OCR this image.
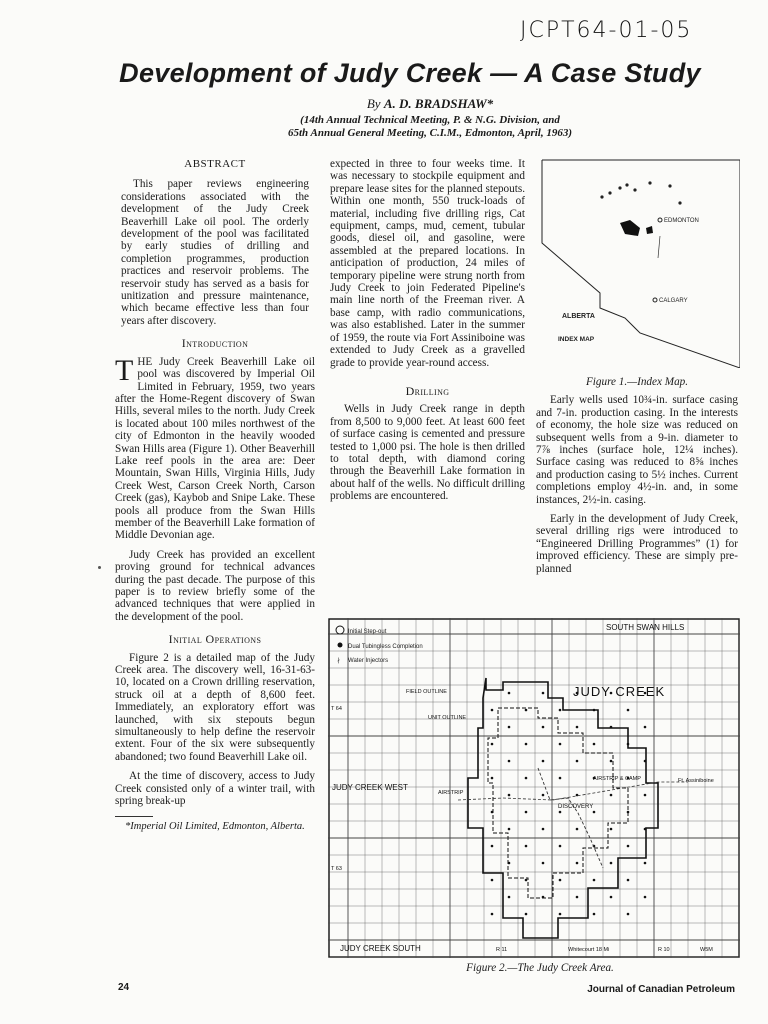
JCPT64-01-05
Development of Judy Creek — A Case Study
By A. D. BRADSHAW*
(14th Annual Technical Meeting, P. & N.G. Division, and
65th Annual General Meeting, C.I.M., Edmonton, April, 1963)
ABSTRACT

This paper reviews engineering considerations associated with the development of the Judy Creek Beaverhill Lake oil pool. The orderly development of the pool was facilitated by early studies of drilling and completion programmes, production practices and reservoir problems. The reservoir study has served as a basis for unitization and pressure maintenance, which became effective less than four years after discovery.

Introduction

THE Judy Creek Beaverhill Lake oil pool was discovered by Imperial Oil Limited in February, 1959, two years after the Home-Regent discovery of Swan Hills, several miles to the north. Judy Creek is located about 100 miles northwest of the city of Edmonton in the heavily wooded Swan Hills area (Figure 1). Other Beaverhill Lake reef pools in the area are: Deer Mountain, Swan Hills, Virginia Hills, Judy Creek West, Carson Creek North, Carson Creek (gas), Kaybob and Snipe Lake. These pools all produce from the Swan Hills member of the Beaverhill Lake formation of Middle Devonian age.

Judy Creek has provided an excellent proving ground for technical advances during the past decade. The purpose of this paper is to review briefly some of the advanced techniques that were applied in the development of the pool.

Initial Operations

Figure 2 is a detailed map of the Judy Creek area. The discovery well, 16-31-63-10, located on a Crown drilling reservation, struck oil at a depth of 8,600 feet. Immediately, an exploratory effort was launched, with six stepouts begun simultaneously to help define the reservoir extent. Four of the six were subsequently abandoned; two found Beaverhill Lake oil.

At the time of discovery, access to Judy Creek consisted only of a winter trail, with spring break-up

*Imperial Oil Limited, Edmonton, Alberta.

expected in three to four weeks time. It was necessary to stockpile equipment and prepare lease sites for the planned stepouts. Within one month, 550 truck-loads of material, including five drilling rigs, Cat equipment, camps, mud, cement, tubular goods, diesel oil, and gasoline, were assembled at the prepared locations. In anticipation of production, 24 miles of temporary pipeline were strung north from Judy Creek to join Federated Pipeline's main line north of the Freeman river. A base camp, with radio communications, was also established. Later in the summer of 1959, the route via Fort Assiniboine was extended to Judy Creek as a gravelled grade to provide year-round access.

Drilling

Wells in Judy Creek range in depth from 8,500 to 9,000 feet. At least 600 feet of surface casing is cemented and pressure tested to 1,000 psi. The hole is then drilled to total depth, with diamond coring through the Beaverhill Lake formation in about half of the wells. No difficult drilling problems are encountered.

EDMONTON
CALGARY
ALBERTA
INDEX MAP

Figure 1.—Index Map.

Early wells used 10¾-in. surface casing and 7-in. production casing. In the interests of economy, the hole size was reduced on subsequent wells from a 9-in. diameter to 7⅞ inches (surface hole, 12¼ inches). Surface casing was reduced to 8⅝ inches and production casing to 5½ inches. Current completions employ 4½-in. and, in some instances, 2½-in. casing.

Early in the development of Judy Creek, several drilling rigs were introduced to “Engineered Drilling Programmes” (1) for improved efficiency. These are simply pre-planned

Initial Step-out
Dual Tubingless Completion
∤ Water Injectors
SOUTH SWAN HILLS
JUDY CREEK
FIELD OUTLINE
UNIT OUTLINE
JUDY CREEK WEST
AIRSTRIP
AIRSTRIP & CAMP
DISCOVERY
Ft. Assiniboine
JUDY CREEK SOUTH	Whitecourt 18 Mi
T 64
T 63
R 11	R 10	W5M
Figure 2.—The Judy Creek Area.
24	Journal of Canadian Petroleum
